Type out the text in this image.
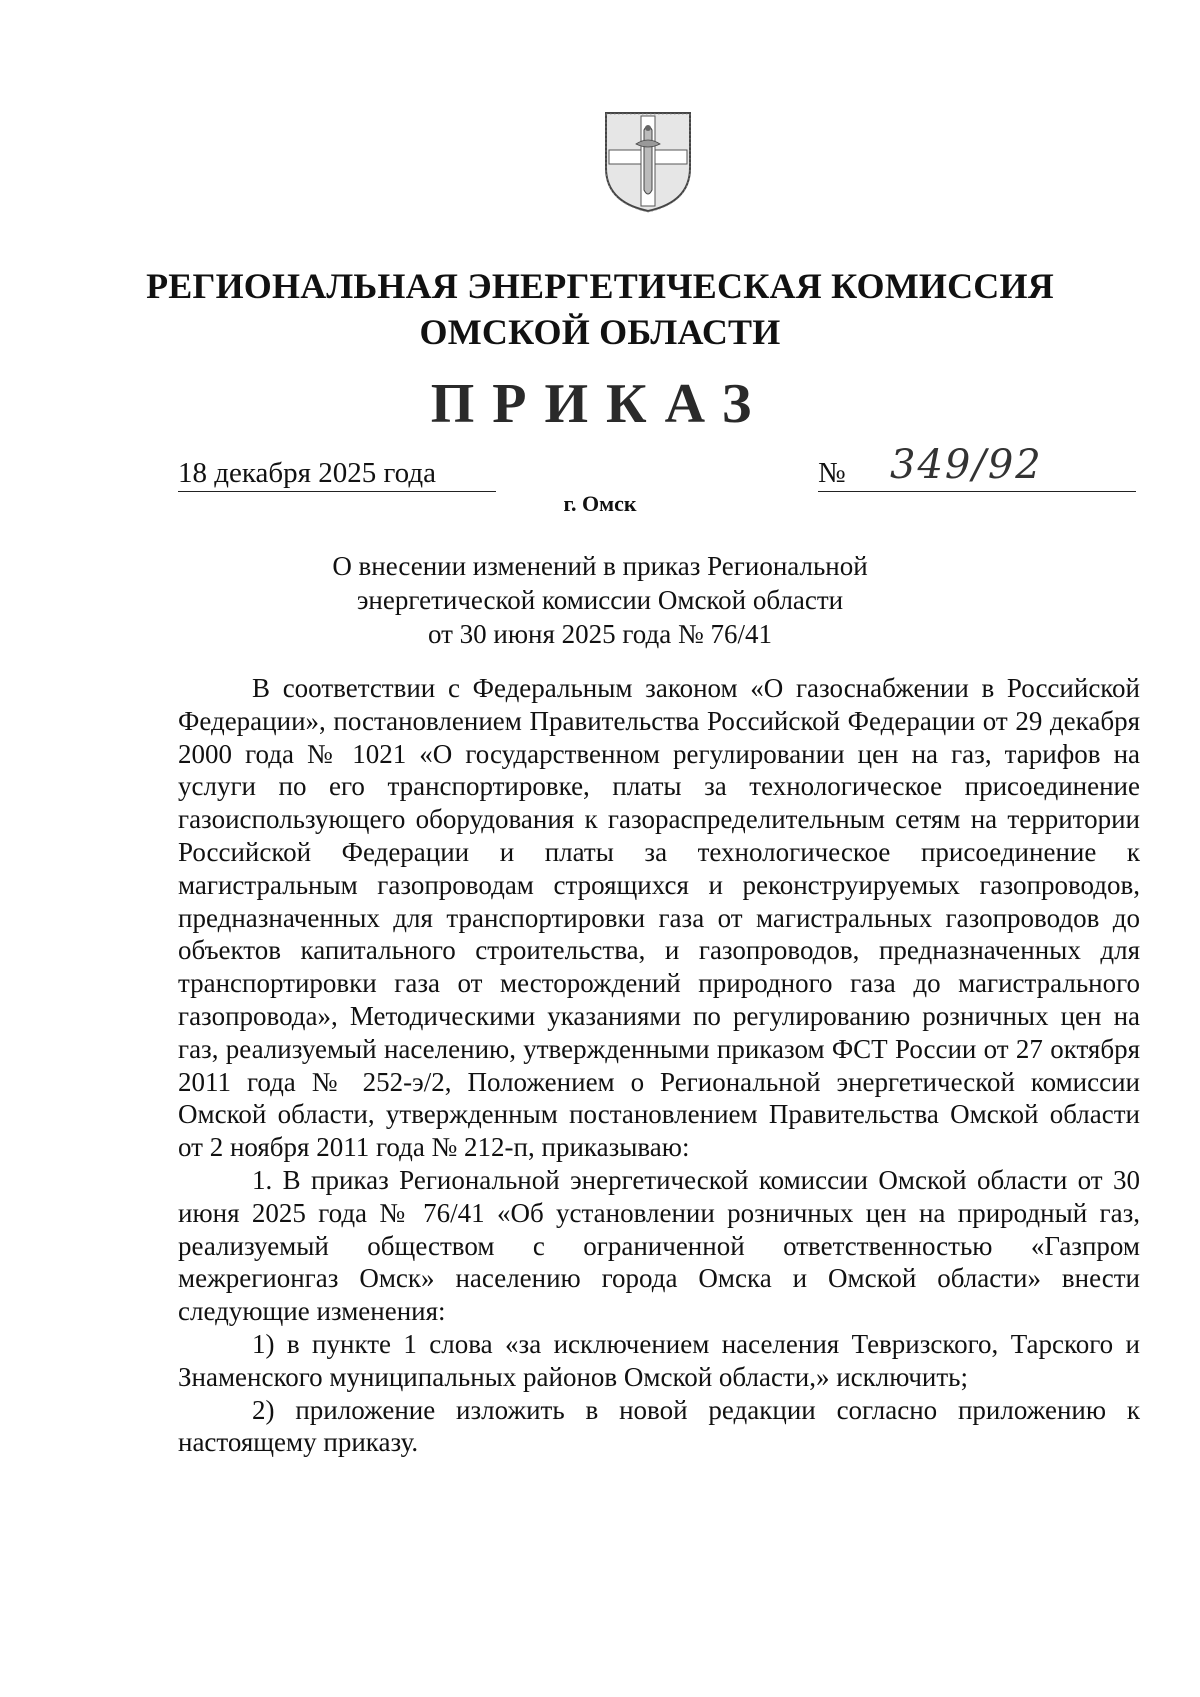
РЕГИОНАЛЬНАЯ ЭНЕРГЕТИЧЕСКАЯ КОМИССИЯ
ОМСКОЙ ОБЛАСТИ
ПРИКАЗ
18 декабря 2025 года	№ 349/92
г. Омск
О внесении изменений в приказ Региональной
энергетической комиссии Омской области
от 30 июня 2025 года № 76/41

В соответствии с Федеральным законом «О газоснабжении в Российской Федерации», постановлением Правительства Российской Федерации от 29 декабря 2000 года № 1021 «О государственном регулировании цен на газ, тарифов на услуги по его транспортировке, платы за технологическое присоединение газоиспользующего оборудования к газораспределительным сетям на территории Российской Федерации и платы за технологическое присоединение к магистральным газопроводам строящихся и реконструируемых газопроводов, предназначенных для транспортировки газа от магистральных газопроводов до объектов капитального строительства, и газопроводов, предназначенных для транспортировки газа от месторождений природного газа до магистрального газопровода», Методическими указаниями по регулированию розничных цен на газ, реализуемый населению, утвержденными приказом ФСТ России от 27 октября 2011 года № 252-э/2, Положением о Региональной энергетической комиссии Омской области, утвержденным постановлением Правительства Омской области от 2 ноября 2011 года № 212-п, приказываю:

1. В приказ Региональной энергетической комиссии Омской области от 30 июня 2025 года № 76/41 «Об установлении розничных цен на природный газ, реализуемый обществом с ограниченной ответственностью «Газпром межрегионгаз Омск» населению города Омска и Омской области» внести следующие изменения:

1) в пункте 1 слова «за исключением населения Тевризского, Тарского и Знаменского муниципальных районов Омской области,» исключить;

2) приложение изложить в новой редакции согласно приложению к настоящему приказу.
